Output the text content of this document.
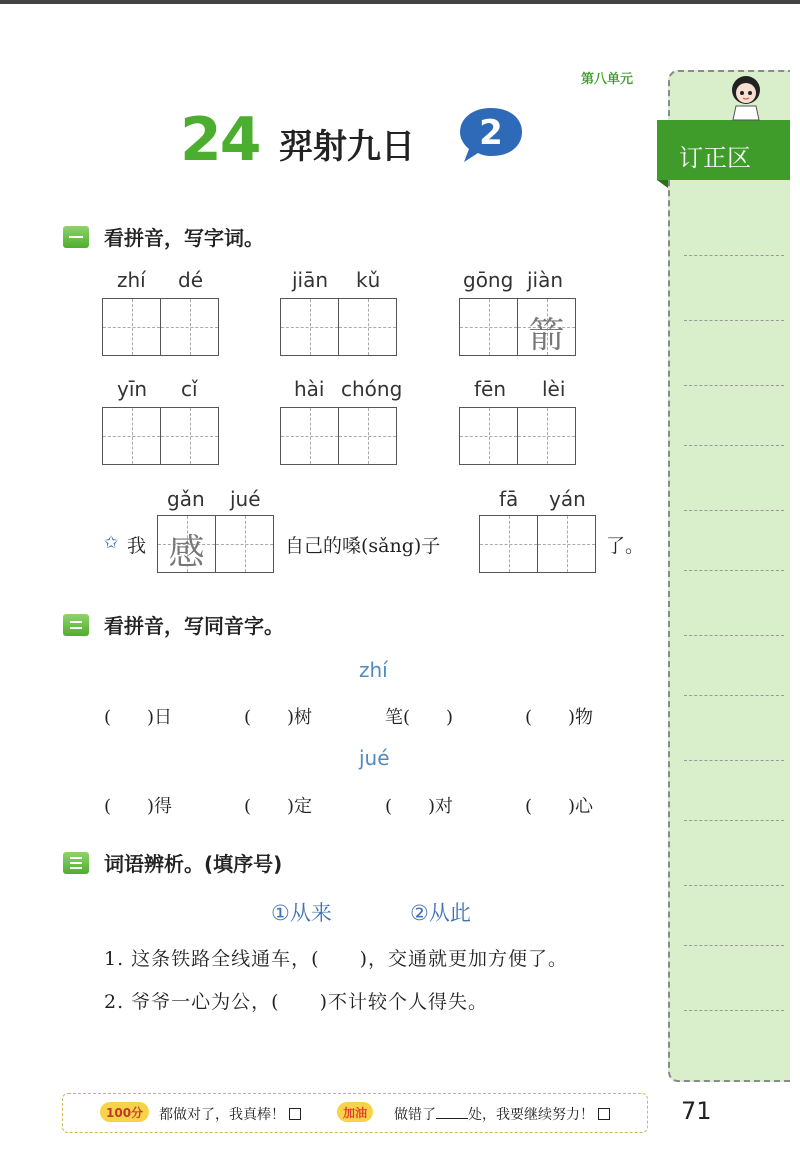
第八单元
24 羿射九日 2
订正区
看拼音，写字词。
zhí dé	jiān kǔ	gōng jiàn
箭
yīn cǐ	hài chóng	fēn lèi
gǎn jué	fā yán
✩ 我 感	自己的嗓(sǎng)子	了。
看拼音，写同音字。
zhí
(　　)日	(　　)树	笔(　　)	(　　)物
jué
(　　)得	(　　)定	(　　)对	(　　)心
词语辨析。(填序号)
①从来	②从此
1. 这条铁路全线通车，(　　)，交通就更加方便了。
2. 爷爷一心为公，(　　)不计较个人得失。
100分	都做对了，我真棒！	加油	做错了 处，我要继续努力！	71
